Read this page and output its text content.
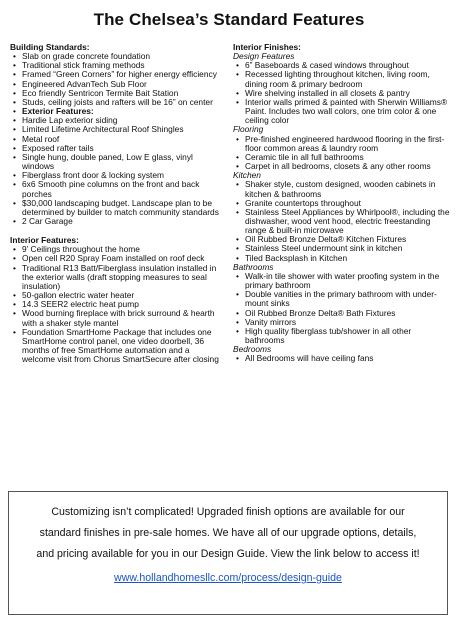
The Chelsea’s Standard Features
Building Standards:
• Slab on grade concrete foundation
• Traditional stick framing methods
• Framed “Green Corners” for higher energy efficiency
• Engineered AdvanTech Sub Floor
• Eco friendly Sentricon Termite Bait Station
• Studs, ceiling joists and rafters will be 16” on center
• Exterior Features:
• Hardie Lap exterior siding
• Limited Lifetime Architectural Roof Shingles
• Metal roof
• Exposed rafter tails
• Single hung, double paned, Low E glass, vinyl windows
• Fiberglass front door & locking system
• 6x6 Smooth pine columns on the front and back porches
• $30,000 landscaping budget. Landscape plan to be determined by builder to match community standards
• 2 Car Garage
Interior Features:
• 9’ Ceilings throughout the home
• Open cell R20 Spray Foam installed on roof deck
• Traditional R13 Batt/Fiberglass insulation installed in the exterior walls (draft stopping measures to seal insulation)
• 50-gallon electric water heater
• 14.3 SEER2 electric heat pump
• Wood burning fireplace with brick surround & hearth with a shaker style mantel
• Foundation SmartHome Package that includes one SmartHome control panel, one video doorbell, 36 months of free SmartHome automation and a welcome visit from Chorus SmartSecure after closing
Interior Finishes:
Design Features
• 6” Baseboards & cased windows throughout
• Recessed lighting throughout kitchen, living room, dining room & primary bedroom
• Wire shelving installed in all closets & pantry
• Interior walls primed & painted with Sherwin Williams® Paint. Includes two wall colors, one trim color & one ceiling color
Flooring
• Pre-finished engineered hardwood flooring in the first-floor common areas & laundry room
• Ceramic tile in all full bathrooms
• Carpet in all bedrooms, closets & any other rooms
Kitchen
• Shaker style, custom designed, wooden cabinets in kitchen & bathrooms
• Granite countertops throughout
• Stainless Steel Appliances by Whirlpool®, including the dishwasher, wood vent hood, electric freestanding range & built-in microwave
• Oil Rubbed Bronze Delta® Kitchen Fixtures
• Stainless Steel undermount sink in kitchen
• Tiled Backsplash in Kitchen
Bathrooms
• Walk-in tile shower with water proofing system in the primary bathroom
• Double vanities in the primary bathroom with under-mount sinks
• Oil Rubbed Bronze Delta® Bath Fixtures
• Vanity mirrors
• High quality fiberglass tub/shower in all other bathrooms
Bedrooms
• All Bedrooms will have ceiling fans

Customizing isn’t complicated! Upgraded finish options are available for our

standard finishes in pre-sale homes. We have all of our upgrade options, details,

and pricing available for you in our Design Guide. View the link below to access it!

www.hollandhomesllc.com/process/design-guide
